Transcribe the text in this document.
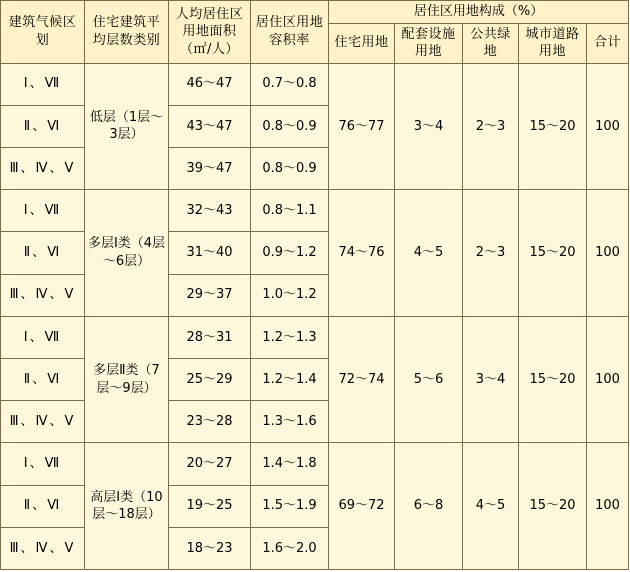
建筑气候区划	住宅建筑平均层数类别	人均居住区用地面积（㎡/人）	居住区用地容积率	居住区用地构成（%）				
				住宅用地	配套设施用地	公共绿地	城市道路用地	合计
Ⅰ、Ⅶ	低层（1层～3层）	46～47	0.7～0.8	76～77	3～4	2～3	15～20	100
Ⅱ、Ⅵ		43～47	0.8～0.9					
Ⅲ、Ⅳ、Ⅴ		39～47	0.8～0.9					
Ⅰ、Ⅶ	多层Ⅰ类（4层～6层）	32～43	0.8～1.1	74～76	4～5	2～3	15～20	100
Ⅱ、Ⅵ		31～40	0.9～1.2					
Ⅲ、Ⅳ、Ⅴ		29～37	1.0～1.2					
Ⅰ、Ⅶ	多层Ⅱ类（7层～9层）	28～31	1.2～1.3	72～74	5～6	3～4	15～20	100
Ⅱ、Ⅵ		25～29	1.2～1.4					
Ⅲ、Ⅳ、Ⅴ		23～28	1.3～1.6					
Ⅰ、Ⅶ	高层Ⅰ类（10层～18层）	20～27	1.4～1.8	69～72	6～8	4～5	15～20	100
Ⅱ、Ⅵ		19～25	1.5～1.9					
Ⅲ、Ⅳ、Ⅴ		18～23	1.6～2.0					
